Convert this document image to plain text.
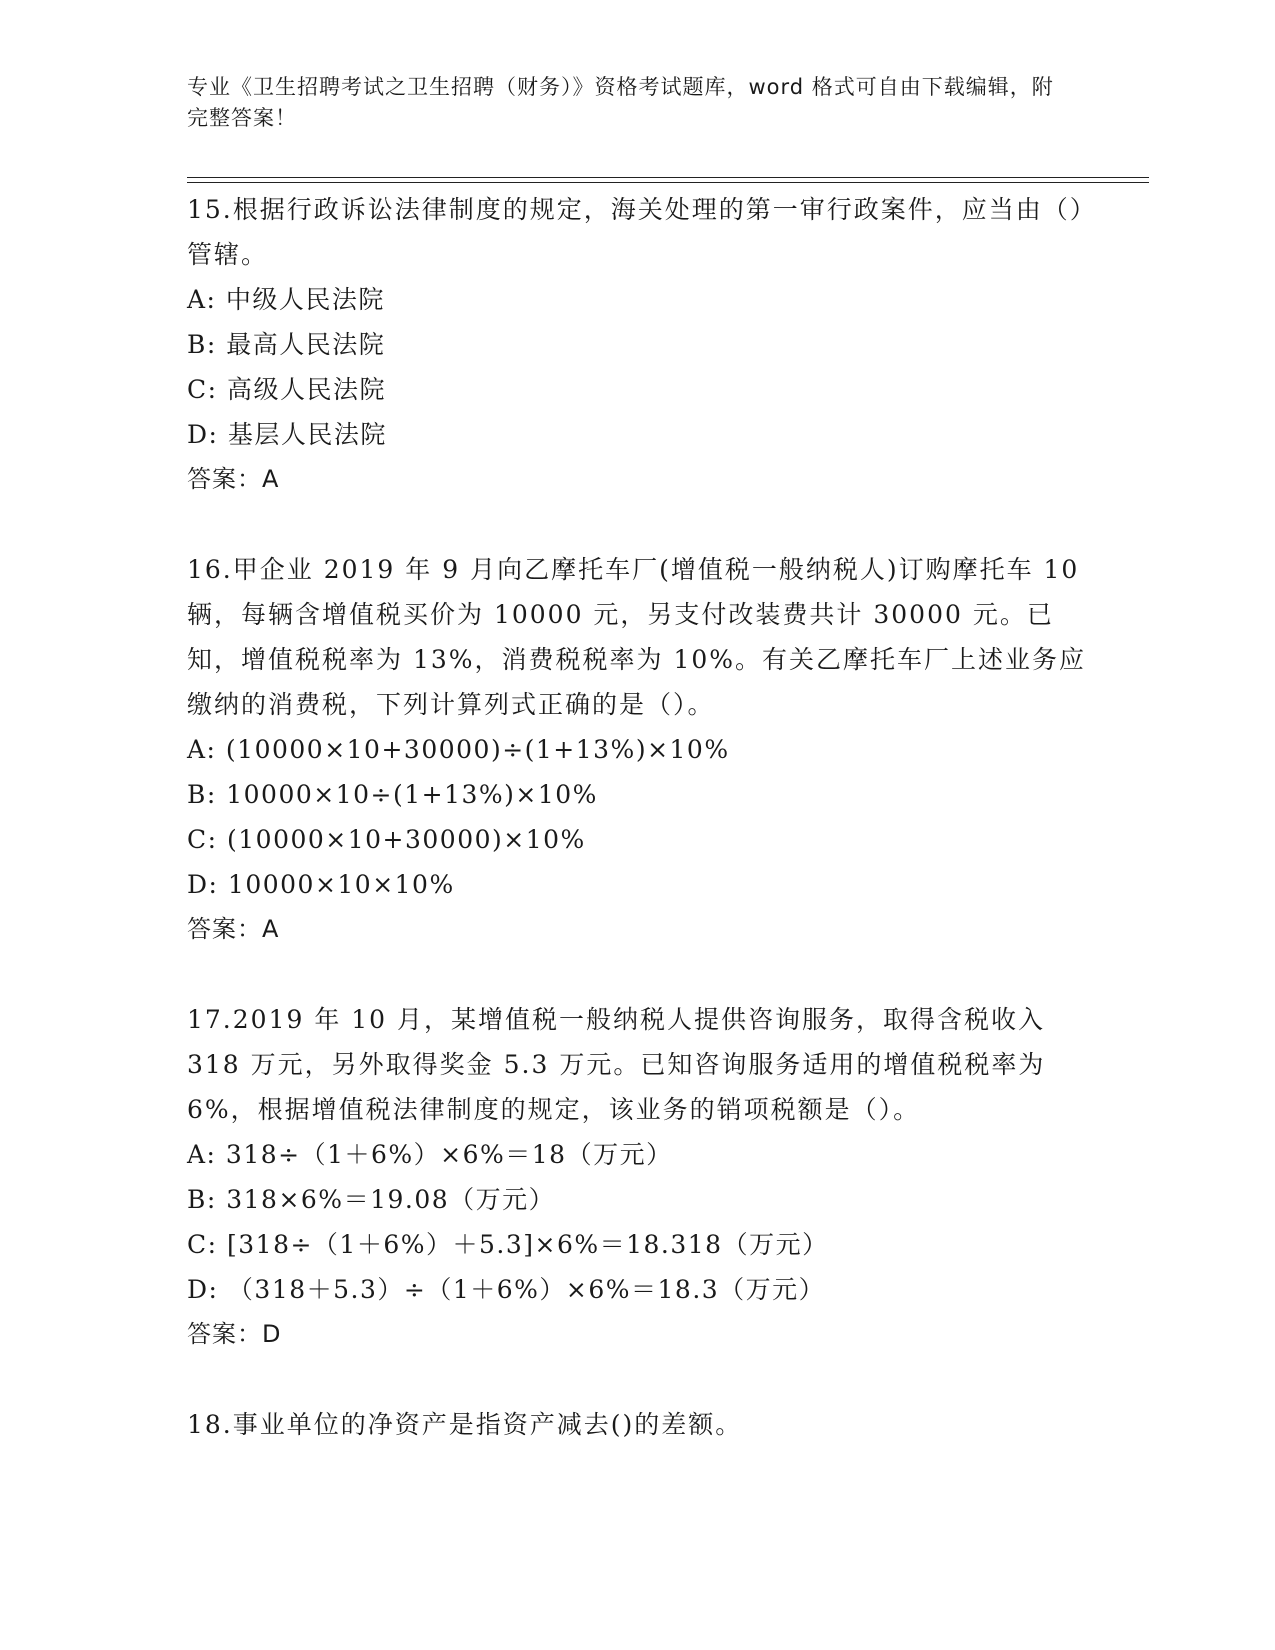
专业《卫生招聘考试之卫生招聘（财务）》资格考试题库，word 格式可自由下载编辑，附完整答案！

15.根据行政诉讼法律制度的规定，海关处理的第一审行政案件，应当由（）管辖。

A: 中级人民法院

B: 最高人民法院

C: 高级人民法院

D: 基层人民法院

答案：A

16.甲企业 2019 年 9 月向乙摩托车厂(增值税一般纳税人)订购摩托车 10 辆，每辆含增值税买价为 10000 元，另支付改装费共计 30000 元。已知，增值税税率为 13%，消费税税率为 10%。有关乙摩托车厂上述业务应缴纳的消费税，下列计算列式正确的是（）。

A: (10000×10+30000)÷(1+13%)×10%

B: 10000×10÷(1+13%)×10%

C: (10000×10+30000)×10%

D: 10000×10×10%

答案：A

17.2019 年 10 月，某增值税一般纳税人提供咨询服务，取得含税收入 318 万元，另外取得奖金 5.3 万元。已知咨询服务适用的增值税税率为 6%，根据增值税法律制度的规定，该业务的销项税额是（）。

A: 318÷（1＋6%）×6%＝18（万元）

B: 318×6%＝19.08（万元）

C: [318÷（1＋6%）＋5.3]×6%＝18.318（万元）

D: （318＋5.3）÷（1＋6%）×6%＝18.3（万元）

答案：D

18.事业单位的净资产是指资产减去()的差额。
